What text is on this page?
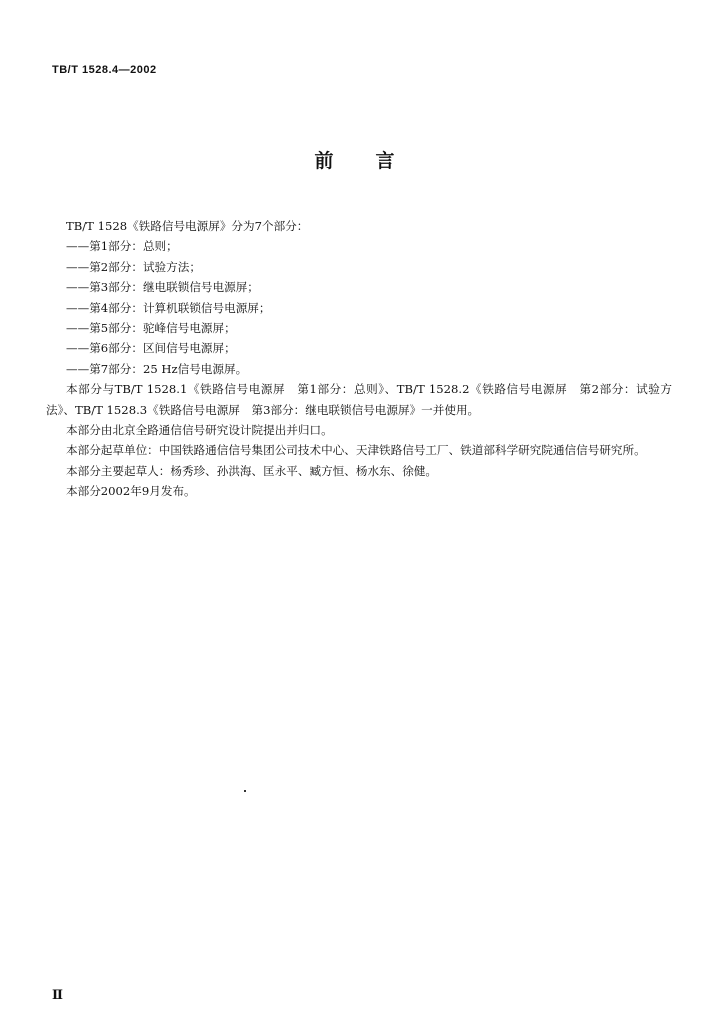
TB/T 1528.4—2002
前言

TB/T 1528《铁路信号电源屏》分为7个部分：

——第1部分：总则；

——第2部分：试验方法；

——第3部分：继电联锁信号电源屏；

——第4部分：计算机联锁信号电源屏；

——第5部分：驼峰信号电源屏；

——第6部分：区间信号电源屏；

——第7部分：25 Hz信号电源屏。

本部分与TB/T 1528.1《铁路信号电源屏　第1部分：总则》、TB/T 1528.2《铁路信号电源屏　第2部分：试验方法》、TB/T 1528.3《铁路信号电源屏　第3部分：继电联锁信号电源屏》一并使用。

本部分由北京全路通信信号研究设计院提出并归口。

本部分起草单位：中国铁路通信信号集团公司技术中心、天津铁路信号工厂、铁道部科学研究院通信信号研究所。

本部分主要起草人：杨秀珍、孙洪海、匡永平、臧方恒、杨水东、徐健。

本部分2002年9月发布。

Ⅱ
